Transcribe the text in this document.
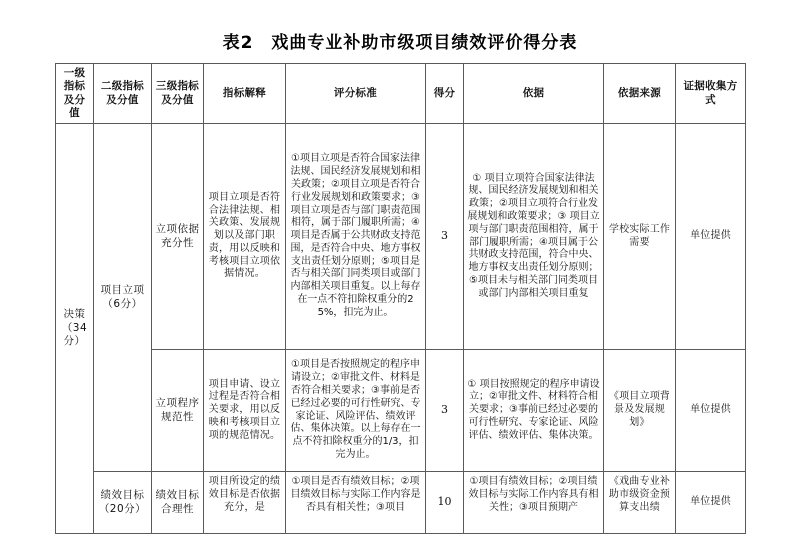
表2　戏曲专业补助市级项目绩效评价得分表
一级指标及分值	二级指标及分值	三级指标及分值	指标解释	评分标准	得分	依据	依据来源	证据收集方式
决策（34分）	项目立项（6分）	立项依据充分性	项目立项是否符合法律法规、相关政策、发展规划以及部门职责，用以反映和考核项目立项依据情况。	①项目立项是否符合国家法律法规、国民经济发展规划和相关政策；②项目立项是否符合行业发展规划和政策要求；③项目立项是否与部门职责范围相符，属于部门履职所需；④项目是否属于公共财政支持范围，是否符合中央、地方事权支出责任划分原则；⑤项目是否与相关部门同类项目或部门内部相关项目重复。以上每存在一点不符扣除权重分的25%，扣完为止。	3	① 项目立项符合国家法律法规、国民经济发展规划和相关政策；②项目立项符合行业发展规划和政策要求；③ 项目立项与部门职责范围相符，属于部门履职所需；④项目属于公共财政支持范围，符合中央、地方事权支出责任划分原则；⑤项目未与相关部门同类项目或部门内部相关项目重复	学校实际工作需要	单位提供
		立项程序规范性	项目申请、设立过程是否符合相关要求，用以反映和考核项目立项的规范情况。	①项目是否按照规定的程序申请设立；②审批文件、材料是否符合相关要求；③事前是否已经过必要的可行性研究、专家论证、风险评估、绩效评估、集体决策。以上每存在一点不符扣除权重分的1/3，扣完为止。	3	① 项目按照规定的程序申请设立；②审批文件、材料符合相关要求；③事前已经过必要的可行性研究、专家论证、风险评估、绩效评估、集体决策。	《项目立项背景及发展规划》	单位提供
	绩效目标（20分）	绩效目标合理性	项目所设定的绩效目标是否依据充分，是	①项目是否有绩效目标；②项目绩效目标与实际工作内容是否具有相关性；③项目	10	①项目有绩效目标；②项目绩效目标与实际工作内容具有相关性；③项目预期产	《戏曲专业补助市级资金预算支出绩	单位提供
